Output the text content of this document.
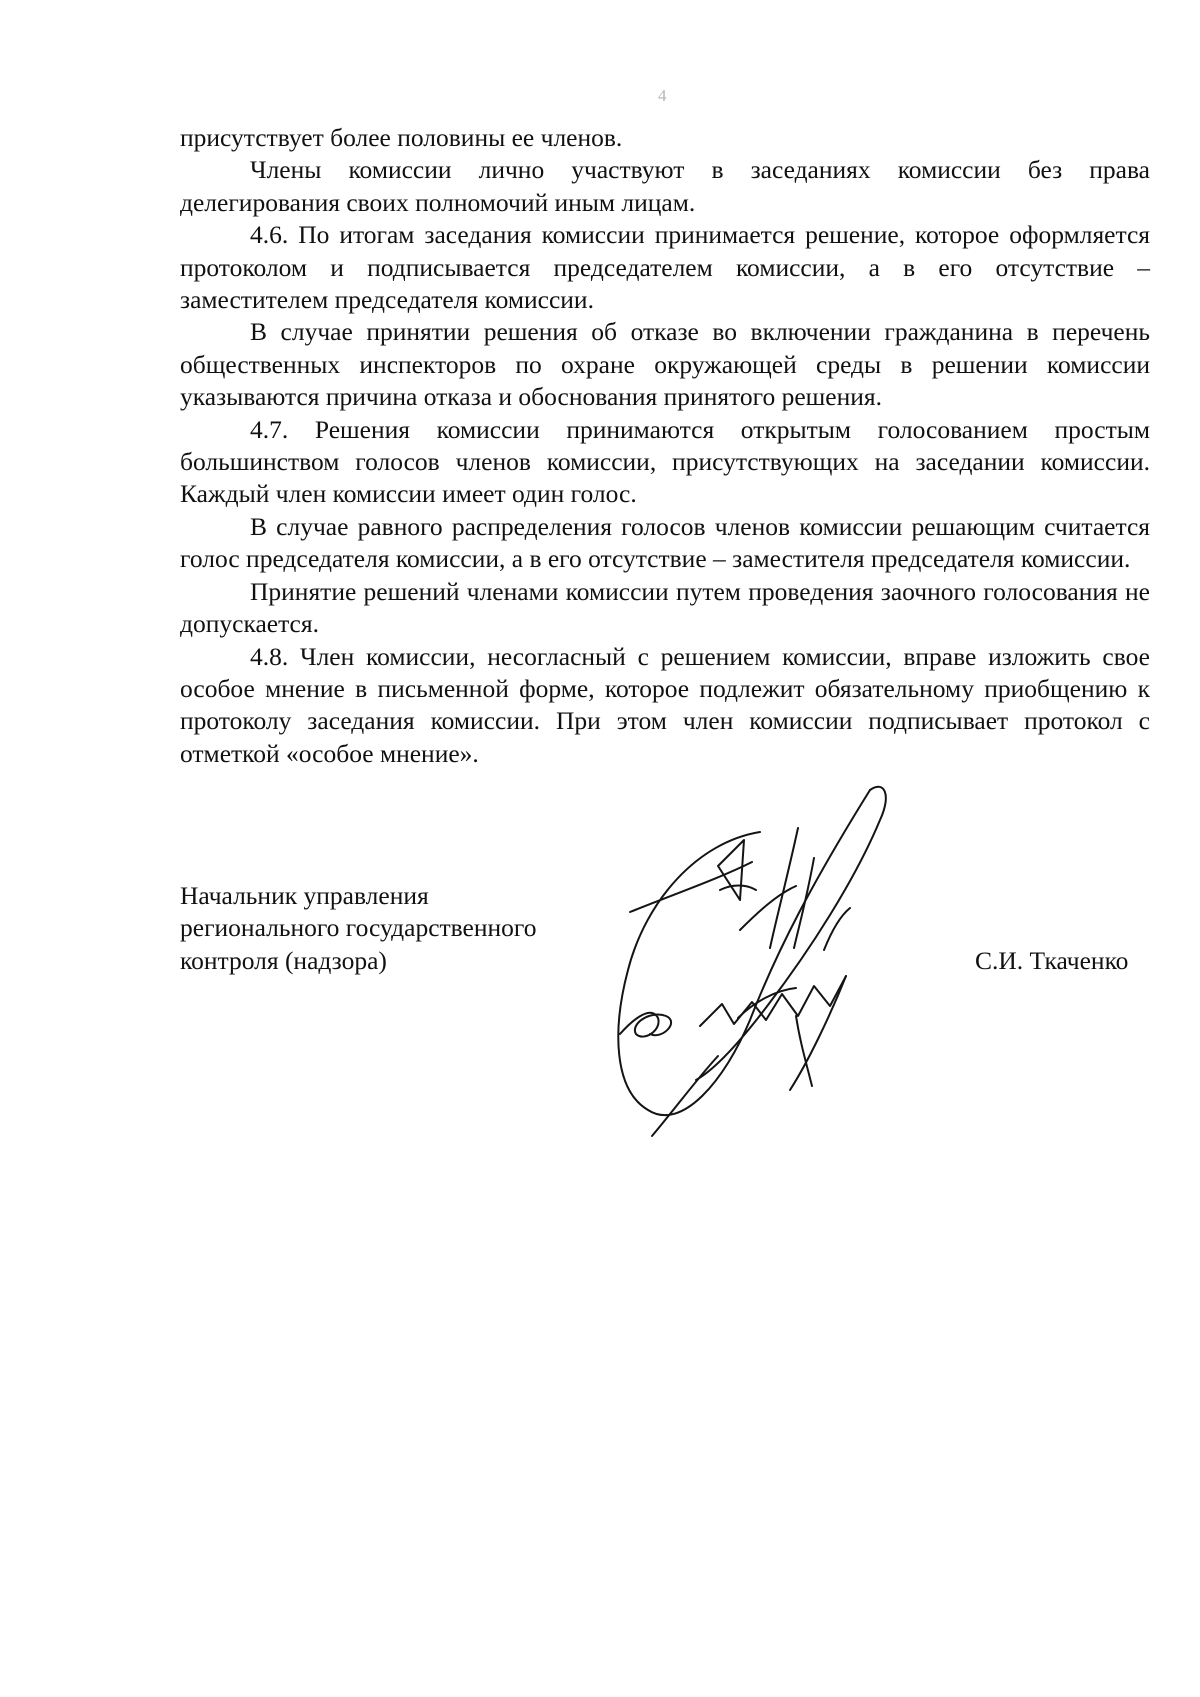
4

присутствует более половины ее членов.

Члены комиссии лично участвуют в заседаниях комиссии без права делегирования своих полномочий иным лицам.

4.6. По итогам заседания комиссии принимается решение, которое оформляется протоколом и подписывается председателем комиссии, а в его отсутствие – заместителем председателя комиссии.

В случае принятии решения об отказе во включении гражданина в перечень общественных инспекторов по охране окружающей среды в решении комиссии указываются причина отказа и обоснования принятого решения.

4.7. Решения комиссии принимаются открытым голосованием простым большинством голосов членов комиссии, присутствующих на заседании комиссии. Каждый член комиссии имеет один голос.

В случае равного распределения голосов членов комиссии решающим считается голос председателя комиссии, а в его отсутствие – заместителя председателя комиссии.

Принятие решений членами комиссии путем проведения заочного голосования не допускается.

4.8. Член комиссии, несогласный с решением комиссии, вправе изложить свое особое мнение в письменной форме, которое подлежит обязательному приобщению к протоколу заседания комиссии. При этом член комиссии подписывает протокол с отметкой «особое мнение».

Начальник управления
регионального государственного
контроля (надзора)	С.И. Ткаченко
